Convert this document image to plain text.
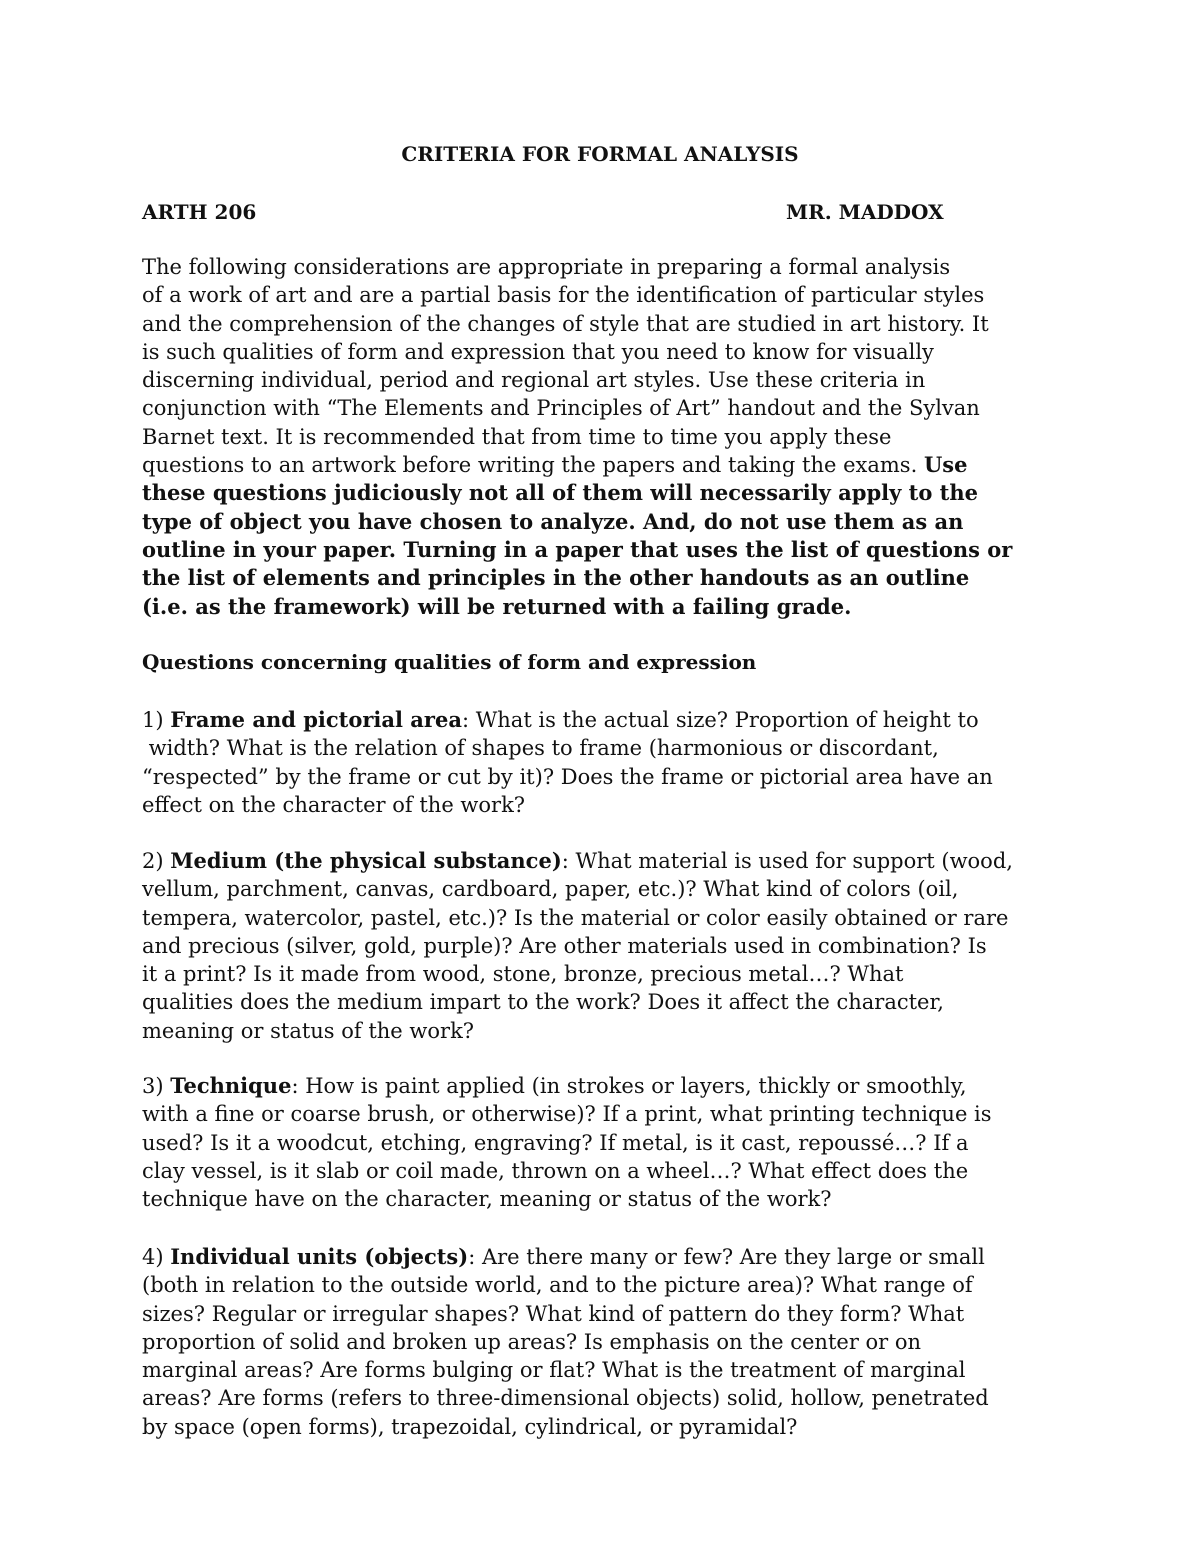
CRITERIA FOR FORMAL ANALYSIS
ARTH 206	MR. MADDOX
The following considerations are appropriate in preparing a formal analysis
of a work of art and are a partial basis for the identification of particular styles
and the comprehension of the changes of style that are studied in art history. It
is such qualities of form and expression that you need to know for visually
discerning individual, period and regional art styles. Use these criteria in
conjunction with “The Elements and Principles of Art” handout and the Sylvan
Barnet text. It is recommended that from time to time you apply these
questions to an artwork before writing the papers and taking the exams. Use
these questions judiciously not all of them will necessarily apply to the
type of object you have chosen to analyze. And, do not use them as an
outline in your paper. Turning in a paper that uses the list of questions or
the list of elements and principles in the other handouts as an outline
(i.e. as the framework) will be returned with a failing grade.
Questions concerning qualities of form and expression
1) Frame and pictorial area: What is the actual size? Proportion of height to
width? What is the relation of shapes to frame (harmonious or discordant,
“respected” by the frame or cut by it)? Does the frame or pictorial area have an
effect on the character of the work?
2) Medium (the physical substance): What material is used for support (wood,
vellum, parchment, canvas, cardboard, paper, etc.)? What kind of colors (oil,
tempera, watercolor, pastel, etc.)? Is the material or color easily obtained or rare
and precious (silver, gold, purple)? Are other materials used in combination? Is
it a print? Is it made from wood, stone, bronze, precious metal…? What
qualities does the medium impart to the work? Does it affect the character,
meaning or status of the work?
3) Technique: How is paint applied (in strokes or layers, thickly or smoothly,
with a fine or coarse brush, or otherwise)? If a print, what printing technique is
used? Is it a woodcut, etching, engraving? If metal, is it cast, repoussé…? If a
clay vessel, is it slab or coil made, thrown on a wheel…? What effect does the
technique have on the character, meaning or status of the work?
4) Individual units (objects): Are there many or few? Are they large or small
(both in relation to the outside world, and to the picture area)? What range of
sizes? Regular or irregular shapes? What kind of pattern do they form? What
proportion of solid and broken up areas? Is emphasis on the center or on
marginal areas? Are forms bulging or flat? What is the treatment of marginal
areas? Are forms (refers to three-dimensional objects) solid, hollow, penetrated
by space (open forms), trapezoidal, cylindrical, or pyramidal?
